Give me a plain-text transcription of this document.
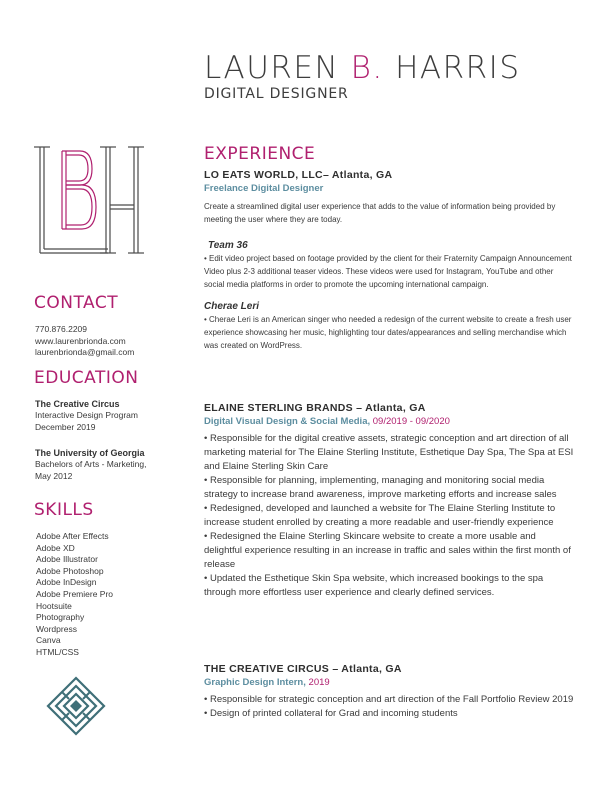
LAUREN B. HARRIS
DIGITAL DESIGNER
CONTACT
770.876.2209
www.laurenbrionda.com
laurenbrionda@gmail.com
EDUCATION
The Creative Circus
Interactive Design Program
December 2019
The University of Georgia
Bachelors of Arts - Marketing,
May 2012
SKILLS
Adobe After Effects
Adobe XD
Adobe Illustrator
Adobe Photoshop
Adobe InDesign
Adobe Premiere Pro
Hootsuite
Photography
Wordpress
Canva
HTML/CSS
EXPERIENCE
LO EATS WORLD, LLC– Atlanta, GA
Freelance Digital Designer
Create a streamlined digital user experience that adds to the value of information being provided by meeting the user where they are today.
Team 36
• Edit video project based on footage provided by the client for their Fraternity Campaign Announcement Video plus 2-3 additional teaser videos. These videos were used for Instagram, YouTube and other social media platforms in order to promote the upcoming international campaign.
Cherae Leri
• Cherae Leri is an American singer who needed a redesign of the current website to create a fresh user experience showcasing her music, highlighting tour dates/appearances and selling merchandise which was created on WordPress.
ELAINE STERLING BRANDS – Atlanta, GA
Digital Visual Design & Social Media, 09/2019 - 09/2020
• Responsible for the digital creative assets, strategic conception and art direction of all marketing material for The Elaine Sterling Institute, Esthetique Day Spa, The Spa at ESI and Elaine Sterling Skin Care
• Responsible for planning, implementing, managing and monitoring social media strategy to increase brand awareness, improve marketing efforts and increase sales
• Redesigned, developed and launched a website for The Elaine Sterling Institute to increase student enrolled by creating a more readable and user-friendly experience
• Redesigned the Elaine Sterling Skincare website to create a more usable and delightful experience resulting in an increase in traffic and sales within the first month of release
• Updated the Esthetique Skin Spa website, which increased bookings to the spa through more effortless user experience and clearly defined services.
THE CREATIVE CIRCUS – Atlanta, GA
Graphic Design Intern, 2019
• Responsible for strategic conception and art direction of the Fall Portfolio Review 2019
• Design of printed collateral for Grad and incoming students
